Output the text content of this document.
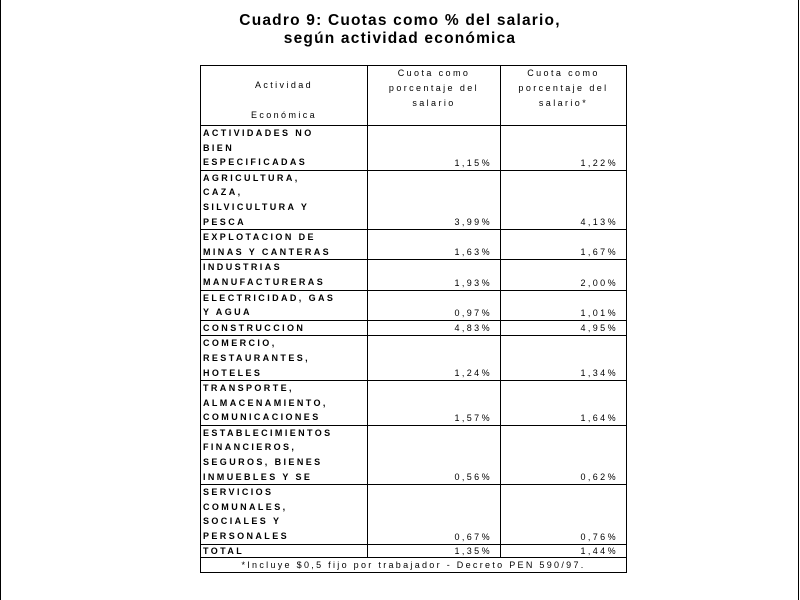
Cuadro 9: Cuotas como % del salario,
según actividad económica
Actividad
Económica	Cuota como porcentaje del salario	Cuota como porcentaje del salario*

ACTIVIDADES NO
BIEN
ESPECIFICADAS	1,15%	1,22%

AGRICULTURA,
CAZA,
SILVICULTURA Y
PESCA	3,99%	4,13%

EXPLOTACION DE
MINAS Y CANTERAS	1,63%	1,67%

INDUSTRIAS
MANUFACTURERAS	1,93%	2,00%

ELECTRICIDAD, GAS
Y AGUA	0,97%	1,01%

CONSTRUCCION	4,83%	4,95%

COMERCIO,
RESTAURANTES,
HOTELES	1,24%	1,34%

TRANSPORTE,
ALMACENAMIENTO,
COMUNICACIONES	1,57%	1,64%

ESTABLECIMIENTOS
FINANCIEROS,
SEGUROS, BIENES
INMUEBLES Y SE	0,56%	0,62%

SERVICIOS
COMUNALES,
SOCIALES Y
PERSONALES	0,67%	0,76%
TOTAL	1,35%	1,44%
*Incluye $0,5 fijo por trabajador - Decreto PEN 590/97.		
